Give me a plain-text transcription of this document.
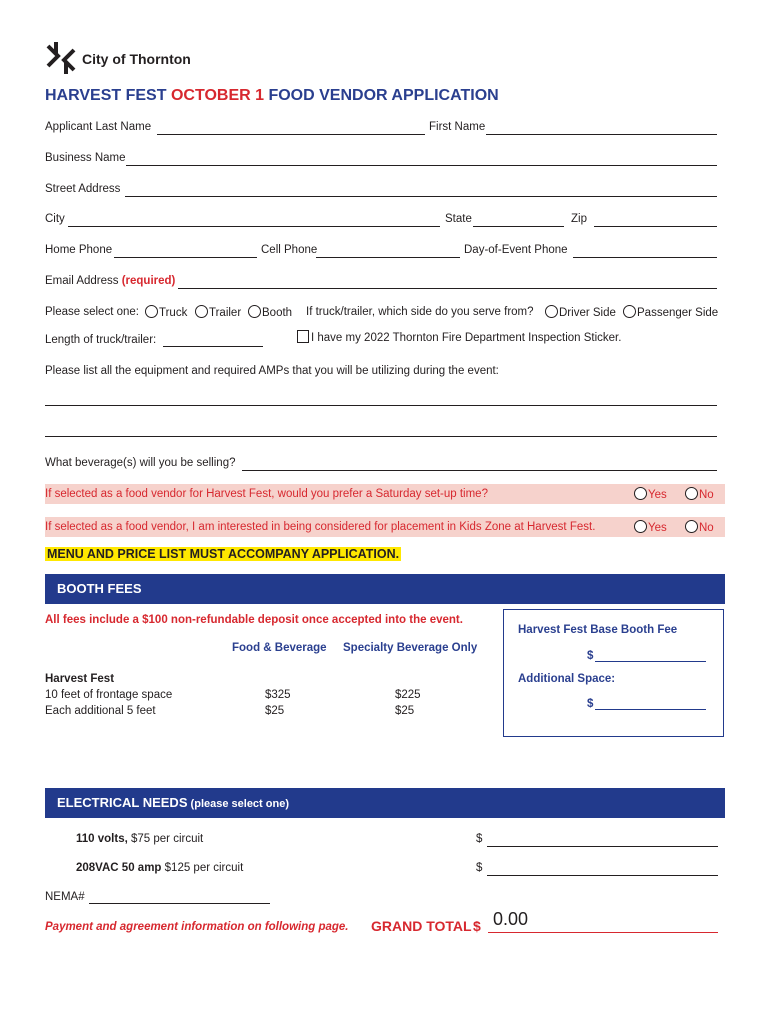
City of Thornton
HARVEST FEST OCTOBER 1 FOOD VENDOR APPLICATION
Applicant Last Name	First Name
Business Name
Street Address
City	State	Zip
Home Phone	Cell Phone	Day-of-Event Phone
Email Address (required)
Please select one:	Truck	Trailer	Booth If truck/trailer, which side do you serve from?	Driver Side	Passenger Side
Length of truck/trailer:	I have my 2022 Thornton Fire Department Inspection Sticker.
Please list all the equipment and required AMPs that you will be utilizing during the event:
What beverage(s) will you be selling?
If selected as a food vendor for Harvest Fest, would you prefer a Saturday set-up time?	Yes	No
If selected as a food vendor, I am interested in being considered for placement in Kids Zone at Harvest Fest.	Yes	No
MENU AND PRICE LIST MUST ACCOMPANY APPLICATION.
BOOTH FEES
All fees include a $100 non-refundable deposit once accepted into the event.
Food & Beverage Specialty Beverage Only
Harvest Fest
10 feet of frontage space	$325	$225
Each additional 5 feet	$25	$25
Harvest Fest Base Booth Fee
$
Additional Space:
$
ELECTRICAL NEEDS (please select one)
110 volts, $75 per circuit	$
208VAC 50 amp $125 per circuit	$
NEMA#
Payment and agreement information on following page. GRAND TOTAL $ 0.00
